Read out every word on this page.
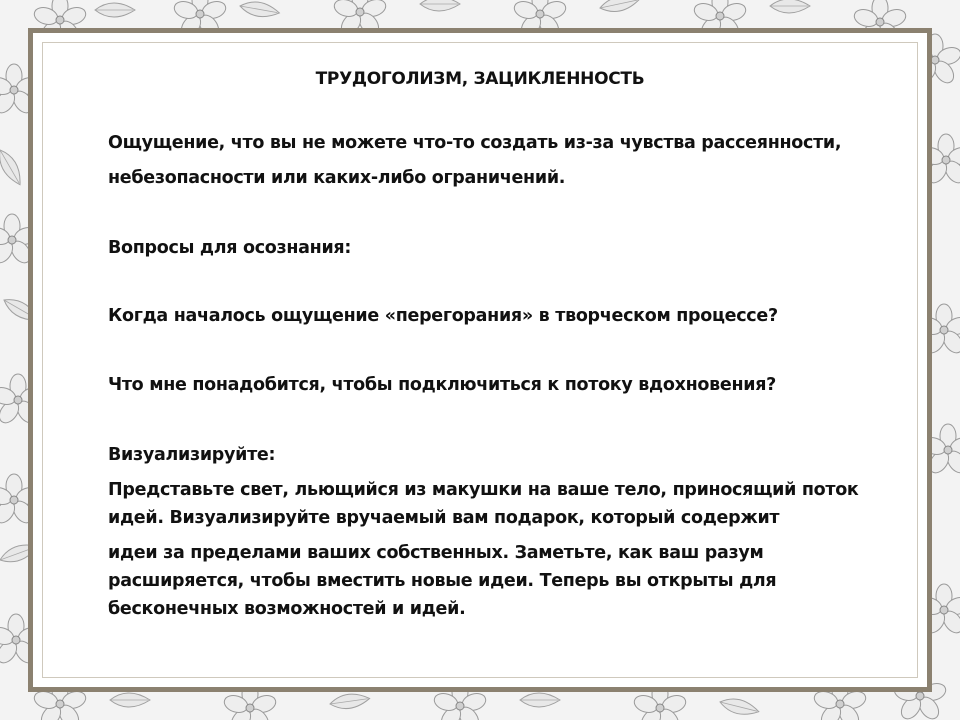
ТРУДОГОЛИЗМ, ЗАЦИКЛЕННОСТЬ
Ощущение, что вы не можете что-то создать из-за чувства рассеянности,
небезопасности или каких-либо ограничений.
Вопросы для осознания:
Когда началось ощущение «перегорания» в творческом процессе?
Что мне понадобится, чтобы подключиться к потоку вдохновения?
Визуализируйте:
Представьте свет, льющийся из макушки на ваше тело, приносящий поток
идей. Визуализируйте вручаемый вам подарок, который содержит
идеи за пределами ваших собственных. Заметьте, как ваш разум
расширяется, чтобы вместить новые идеи. Теперь вы открыты для
бесконечных возможностей и идей.
